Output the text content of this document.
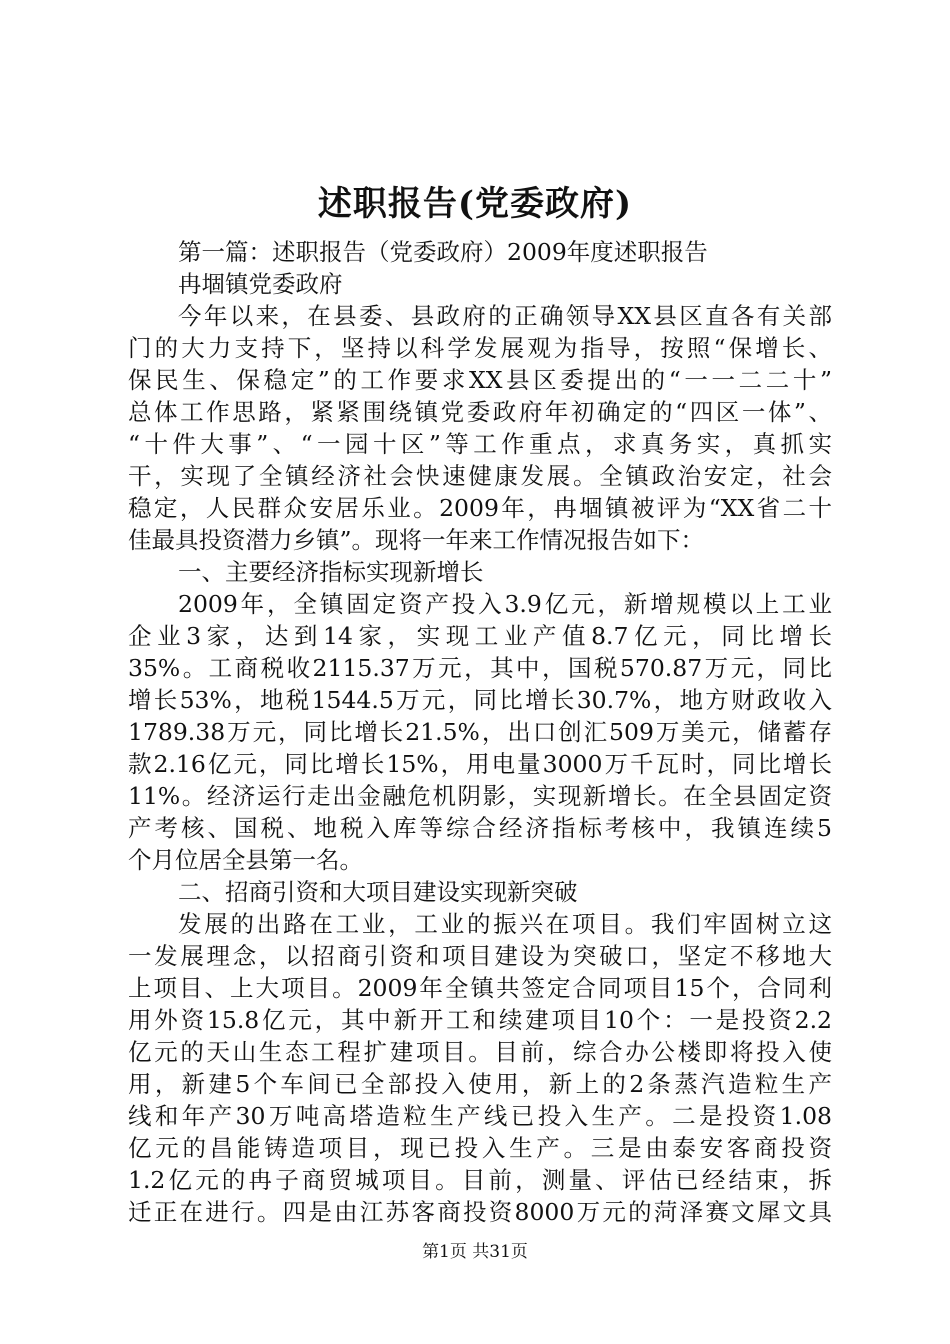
述职报告(党委政府)
第一篇：述职报告（党委政府）2009年度述职报告
冉堌镇党委政府
今年以来，在县委、县政府的正确领导XX县区直各有关部
门的大力支持下，坚持以科学发展观为指导，按照“保增长、
保民生、保稳定”的工作要求XX县区委提出的“一一二二十”
总体工作思路，紧紧围绕镇党委政府年初确定的“四区一体”、
“十件大事”、“一园十区”等工作重点，求真务实，真抓实
干，实现了全镇经济社会快速健康发展。全镇政治安定，社会
稳定，人民群众安居乐业。2009年，冉堌镇被评为“XX省二十
佳最具投资潜力乡镇”。现将一年来工作情况报告如下：
一、主要经济指标实现新增长
2009年，全镇固定资产投入3.9亿元，新增规模以上工业
企业3家，达到14家，实现工业产值8.7亿元，同比增长
35%。工商税收2115.37万元，其中，国税570.87万元，同比
增长53%，地税1544.5万元，同比增长30.7%，地方财政收入
1789.38万元，同比增长21.5%，出口创汇509万美元，储蓄存
款2.16亿元，同比增长15%，用电量3000万千瓦时，同比增长
11%。经济运行走出金融危机阴影，实现新增长。在全县固定资
产考核、国税、地税入库等综合经济指标考核中，我镇连续5
个月位居全县第一名。
二、招商引资和大项目建设实现新突破
发展的出路在工业，工业的振兴在项目。我们牢固树立这
一发展理念，以招商引资和项目建设为突破口，坚定不移地大
上项目、上大项目。2009年全镇共签定合同项目15个，合同利
用外资15.8亿元，其中新开工和续建项目10个：一是投资2.2
亿元的天山生态工程扩建项目。目前，综合办公楼即将投入使
用，新建5个车间已全部投入使用，新上的2条蒸汽造粒生产
线和年产30万吨高塔造粒生产线已投入生产。二是投资1.08
亿元的昌能铸造项目，现已投入生产。三是由泰安客商投资
1.2亿元的冉子商贸城项目。目前，测量、评估已经结束，拆
迁正在进行。四是由江苏客商投资8000万元的菏泽赛文犀文具
第1页 共31页
